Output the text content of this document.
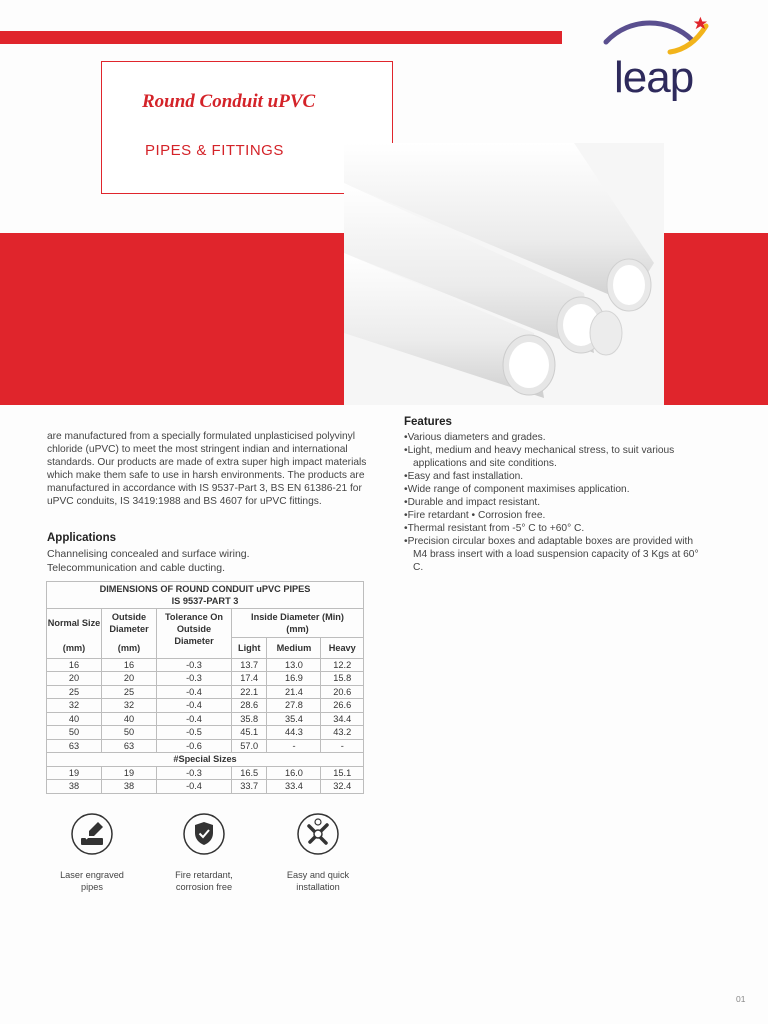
Round Conduit uPVC
PIPES & FITTINGS
leap
are manufactured from a specially formulated unplasticised polyvinyl chloride (uPVC) to meet the most stringent indian and international standards. Our products are made of extra super high impact materials which make them safe to use in harsh environments. The products are manufactured in accordance with IS 9537-Part 3, BS EN 61386-21 for uPVC conduits, IS 3419:1988 and BS 4607 for uPVC fittings.
Applications
Channelising concealed and surface wiring.
Telecommunication and cable ducting.
Features
• Various diameters and grades.
• Light, medium and heavy mechanical stress, to suit various applications and site conditions.
• Easy and fast installation.
• Wide range of component maximises application.
• Durable and impact resistant.
• Fire retardant • Corrosion free.
• Thermal resistant from -5° C to +60° C.
• Precision circular boxes and adaptable boxes are provided with M4 brass insert with a load suspension capacity of 3 Kgs at 60° C.
DIMENSIONS OF ROUND CONDUIT uPVC PIPES
IS 9537-PART 3					

Normal Size	Outside Diameter	Tolerance On Outside Diameter	Inside Diameter (Min) (mm)		
(mm)	(mm)		Light	Medium	Heavy
16	16	-0.3	13.7	13.0	12.2
20	20	-0.3	17.4	16.9	15.8
25	25	-0.4	22.1	21.4	20.6
32	32	-0.4	28.6	27.8	26.6
40	40	-0.4	35.8	35.4	34.4
50	50	-0.5	45.1	44.3	43.2
63	63	-0.6	57.0	-	-
#Special Sizes					
19	19	-0.3	16.5	16.0	15.1
38	38	-0.4	33.7	33.4	32.4
Laser engraved
pipes
Fire retardant,
corrosion free
Easy and quick
installation
01
